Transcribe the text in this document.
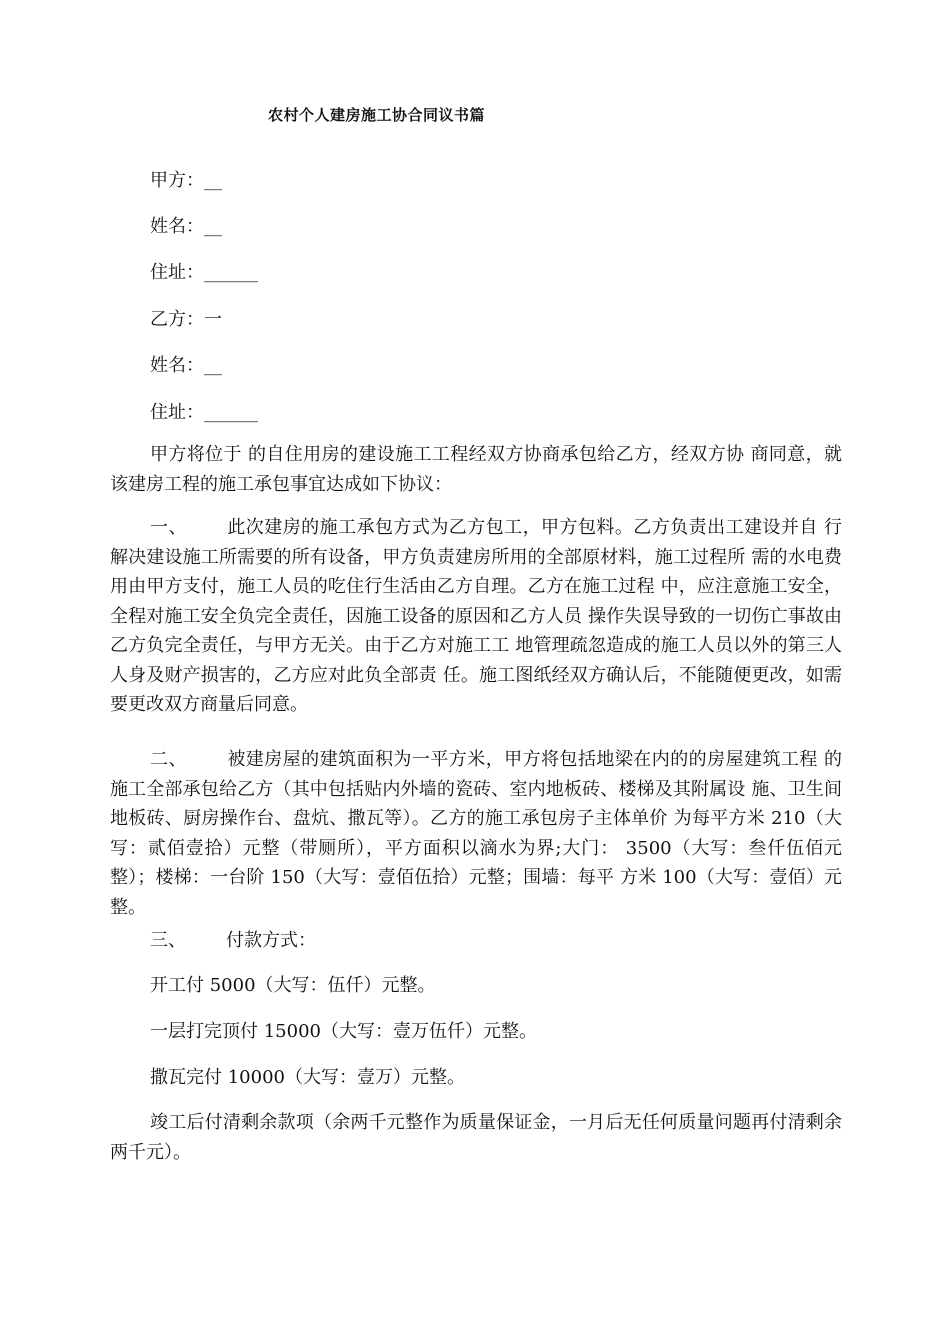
农村个人建房施工协合同议书篇
甲方：__
姓名：__
住址：______
乙方：一
姓名：__
住址：______
甲方将位于 的自住用房的建设施工工程经双方协商承包给乙方，经双方协 商同意，就该建房工程的施工承包事宜达成如下协议：
一、 此次建房的施工承包方式为乙方包工，甲方包料。乙方负责出工建设并自 行解决建设施工所需要的所有设备，甲方负责建房所用的全部原材料，施工过程所 需的水电费用由甲方支付，施工人员的吃住行生活由乙方自理。乙方在施工过程 中，应注意施工安全，全程对施工安全负完全责任，因施工设备的原因和乙方人员 操作失误导致的一切伤亡事故由乙方负完全责任，与甲方无关。由于乙方对施工工 地管理疏忽造成的施工人员以外的第三人人身及财产损害的，乙方应对此负全部责 任。施工图纸经双方确认后，不能随便更改，如需要更改双方商量后同意。
二、 被建房屋的建筑面积为一平方米，甲方将包括地梁在内的的房屋建筑工程 的施工全部承包给乙方（其中包括贴内外墙的瓷砖、室内地板砖、楼梯及其附属设 施、卫生间地板砖、厨房操作台、盘炕、撒瓦等）。乙方的施工承包房子主体单价 为每平方米 210（大写：贰佰壹拾）元整（带厕所），平方面积以滴水为界;大门： 3500（大写：叁仟伍佰元整）；楼梯：一台阶 150（大写：壹佰伍拾）元整；围墙：每平 方米 100（大写：壹佰）元整。
三、 付款方式：
开工付 5000（大写：伍仟）元整。
一层打完顶付 15000（大写：壹万伍仟）元整。
撒瓦完付 10000（大写：壹万）元整。
竣工后付清剩余款项（余两千元整作为质量保证金，一月后无任何质量问题再付清剩余两千元）。
